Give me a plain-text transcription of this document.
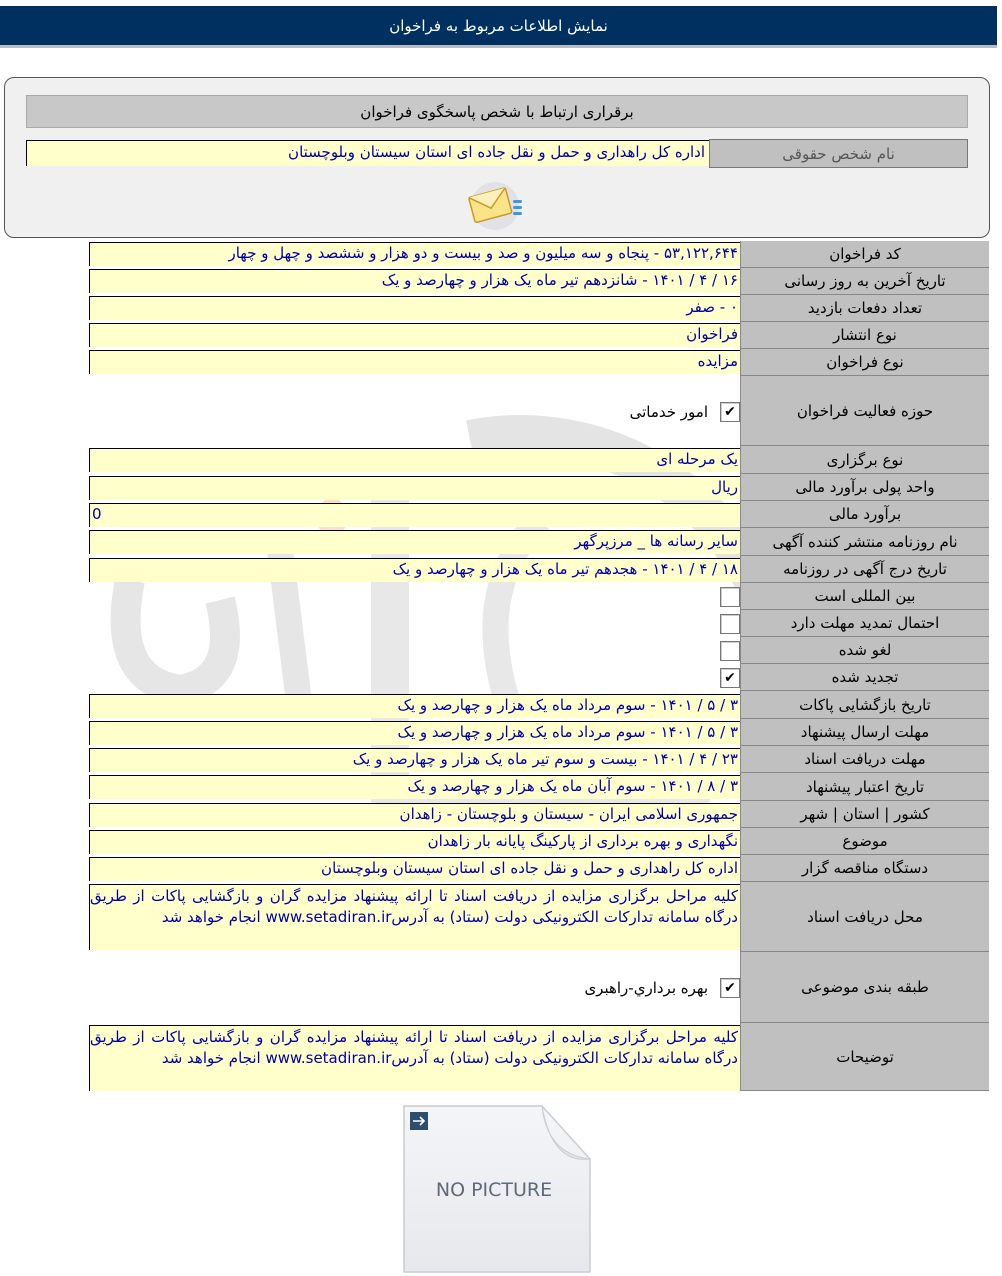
نمایش اطلاعات مربوط به فراخوان
برقراری ارتباط با شخص پاسخگوی فراخوان
نام شخص حقوقی
اداره کل راهداری و حمل و نقل جاده ای استان سیستان وبلوچستان
کد فراخوان
۵۳,۱۲۲,۶۴۴ - پنجاه و سه میلیون و صد و بیست و دو هزار و ششصد و چهل و چهار
تاریخ آخرین به روز رسانی
۱۶ / ۴ / ۱۴۰۱ - شانزدهم تیر ماه یک هزار و چهارصد و یک
تعداد دفعات بازدید
۰ - صفر
نوع انتشار
فراخوان
نوع فراخوان
مزایده
حوزه فعالیت فراخوان
✔
امور خدماتی
نوع برگزاری
یک مرحله ای
واحد پولی برآورد مالی
ریال
برآورد مالی
0
نام روزنامه منتشر کننده آگهی
سایر رسانه ها _ مرزپرگهر
تاریخ درج آگهی در روزنامه
۱۸ / ۴ / ۱۴۰۱ - هجدهم تیر ماه یک هزار و چهارصد و یک
بین المللی است
احتمال تمدید مهلت دارد
لغو شده
تجدید شده
✔
تاریخ بازگشایی پاکات
۳ / ۵ / ۱۴۰۱ - سوم مرداد ماه یک هزار و چهارصد و یک
مهلت ارسال پیشنهاد
۳ / ۵ / ۱۴۰۱ - سوم مرداد ماه یک هزار و چهارصد و یک
مهلت دریافت اسناد
۲۳ / ۴ / ۱۴۰۱ - بیست و سوم تیر ماه یک هزار و چهارصد و یک
تاریخ اعتبار پیشنهاد
۳ / ۸ / ۱۴۰۱ - سوم آبان ماه یک هزار و چهارصد و یک
کشور | استان | شهر
جمهوری اسلامی ایران - سیستان و بلوچستان - زاهدان
موضوع
نگهداری و بهره برداری از پارکینگ پایانه بار زاهدان
دستگاه مناقصه گزار
اداره کل راهداری و حمل و نقل جاده ای استان سیستان وبلوچستان
محل دریافت اسناد
کلیه مراحل برگزاری مزایده از دریافت اسناد تا ارائه پیشنهاد مزایده گران و بازگشایی پاکات از طریق درگاه سامانه تدارکات الکترونیکی دولت (ستاد) به آدرسwww.setadiran.ir انجام خواهد شد
طبقه بندی موضوعی
✔
بهره برداري-راهبری
توضیحات
کلیه مراحل برگزاری مزایده از دریافت اسناد تا ارائه پیشنهاد مزایده گران و بازگشایی پاکات از طریق درگاه سامانه تدارکات الکترونیکی دولت (ستاد) به آدرسwww.setadiran.ir انجام خواهد شد
NO PICTURE
